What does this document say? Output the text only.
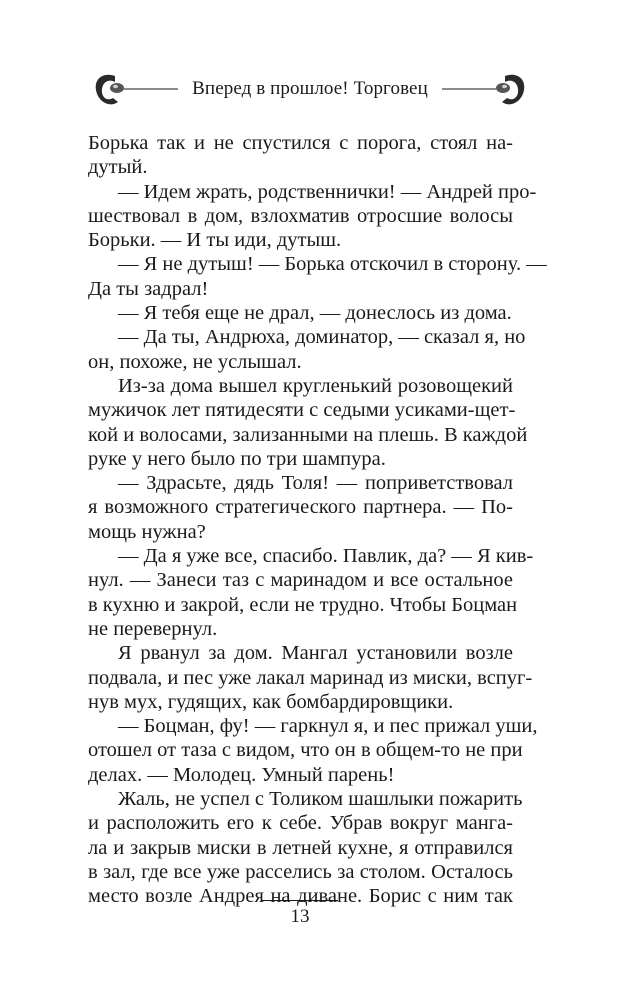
Вперед в прошлое! Торговец
Борька так и не спустился с порога, стоял на-
дутый.
— Идем жрать, родственнички! — Андрей про-
шествовал в дом, взлохматив отросшие волосы
Борьки. — И ты иди, дутыш.
— Я не дутыш! — Борька отскочил в сторону. —
Да ты задрал!
— Я тебя еще не драл, — донеслось из дома.
— Да ты, Андрюха, доминатор, — сказал я, но
он, похоже, не услышал.
Из-за дома вышел кругленький розовощекий
мужичок лет пятидесяти с седыми усиками-щет-
кой и волосами, зализанными на плешь. В каждой
руке у него было по три шампура.
— Здрасьте, дядь Толя! — поприветствовал
я возможного стратегического партнера. — По-
мощь нужна?
— Да я уже все, спасибо. Павлик, да? — Я кив-
нул. — Занеси таз с маринадом и все остальное
в кухню и закрой, если не трудно. Чтобы Боцман
не перевернул.
Я рванул за дом. Мангал установили возле
подвала, и пес уже лакал маринад из миски, вспуг-
нув мух, гудящих, как бомбардировщики.
— Боцман, фу! — гаркнул я, и пес прижал уши,
отошел от таза с видом, что он в общем-то не при
делах. — Молодец. Умный парень!
Жаль, не успел с Толиком шашлыки пожарить
и расположить его к себе. Убрав вокруг манга-
ла и закрыв миски в летней кухне, я отправился
в зал, где все уже расселись за столом. Осталось
место возле Андрея на диване. Борис с ним так
13
